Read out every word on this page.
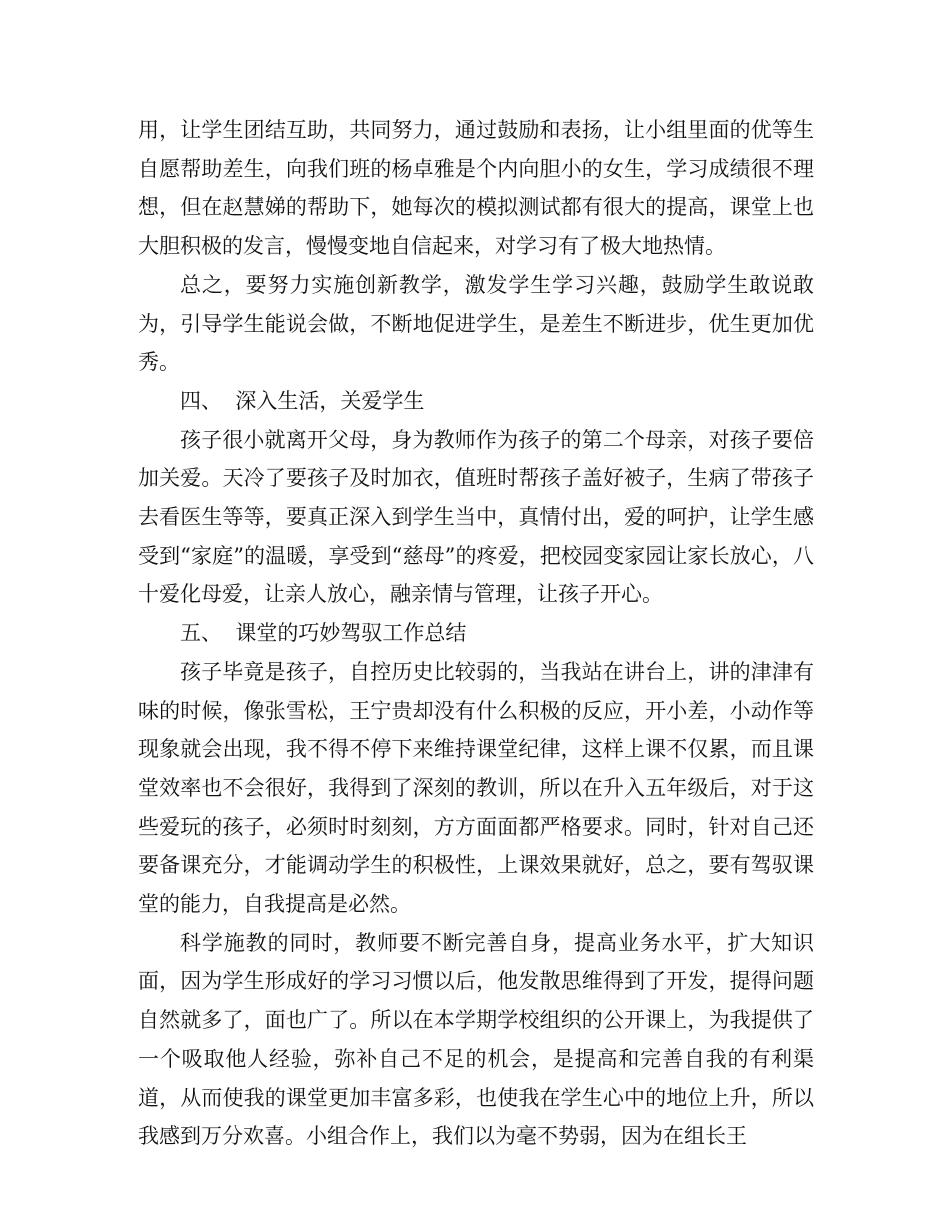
用，让学生团结互助，共同努力，通过鼓励和表扬，让小组里面的优等生自愿帮助差生，向我们班的杨卓雅是个内向胆小的女生，学习成绩很不理想，但在赵慧娣的帮助下，她每次的模拟测试都有很大的提高，课堂上也大胆积极的发言，慢慢变地自信起来，对学习有了极大地热情。

总之，要努力实施创新教学，激发学生学习兴趣，鼓励学生敢说敢为，引导学生能说会做，不断地促进学生，是差生不断进步，优生更加优秀。

四、  深入生活，关爱学生

孩子很小就离开父母，身为教师作为孩子的第二个母亲，对孩子要倍加关爱。天冷了要孩子及时加衣，值班时帮孩子盖好被子，生病了带孩子去看医生等等，要真正深入到学生当中，真情付出，爱的呵护，让学生感受到“家庭”的温暖，享受到“慈母”的疼爱，把校园变家园让家长放心，八十爱化母爱，让亲人放心，融亲情与管理，让孩子开心。

五、  课堂的巧妙驾驭工作总结

孩子毕竟是孩子，自控历史比较弱的，当我站在讲台上，讲的津津有味的时候，像张雪松，王宁贵却没有什么积极的反应，开小差，小动作等现象就会出现，我不得不停下来维持课堂纪律，这样上课不仅累，而且课堂效率也不会很好，我得到了深刻的教训，所以在升入五年级后，对于这些爱玩的孩子，必须时时刻刻，方方面面都严格要求。同时，针对自己还要备课充分，才能调动学生的积极性，上课效果就好，总之，要有驾驭课堂的能力，自我提高是必然。

科学施教的同时，教师要不断完善自身，提高业务水平，扩大知识面，因为学生形成好的学习习惯以后，他发散思维得到了开发，提得问题自然就多了，面也广了。所以在本学期学校组织的公开课上，为我提供了一个吸取他人经验，弥补自己不足的机会，是提高和完善自我的有利渠道，从而使我的课堂更加丰富多彩，也使我在学生心中的地位上升，所以我感到万分欢喜。小组合作上，我们以为毫不势弱，因为在组长王
